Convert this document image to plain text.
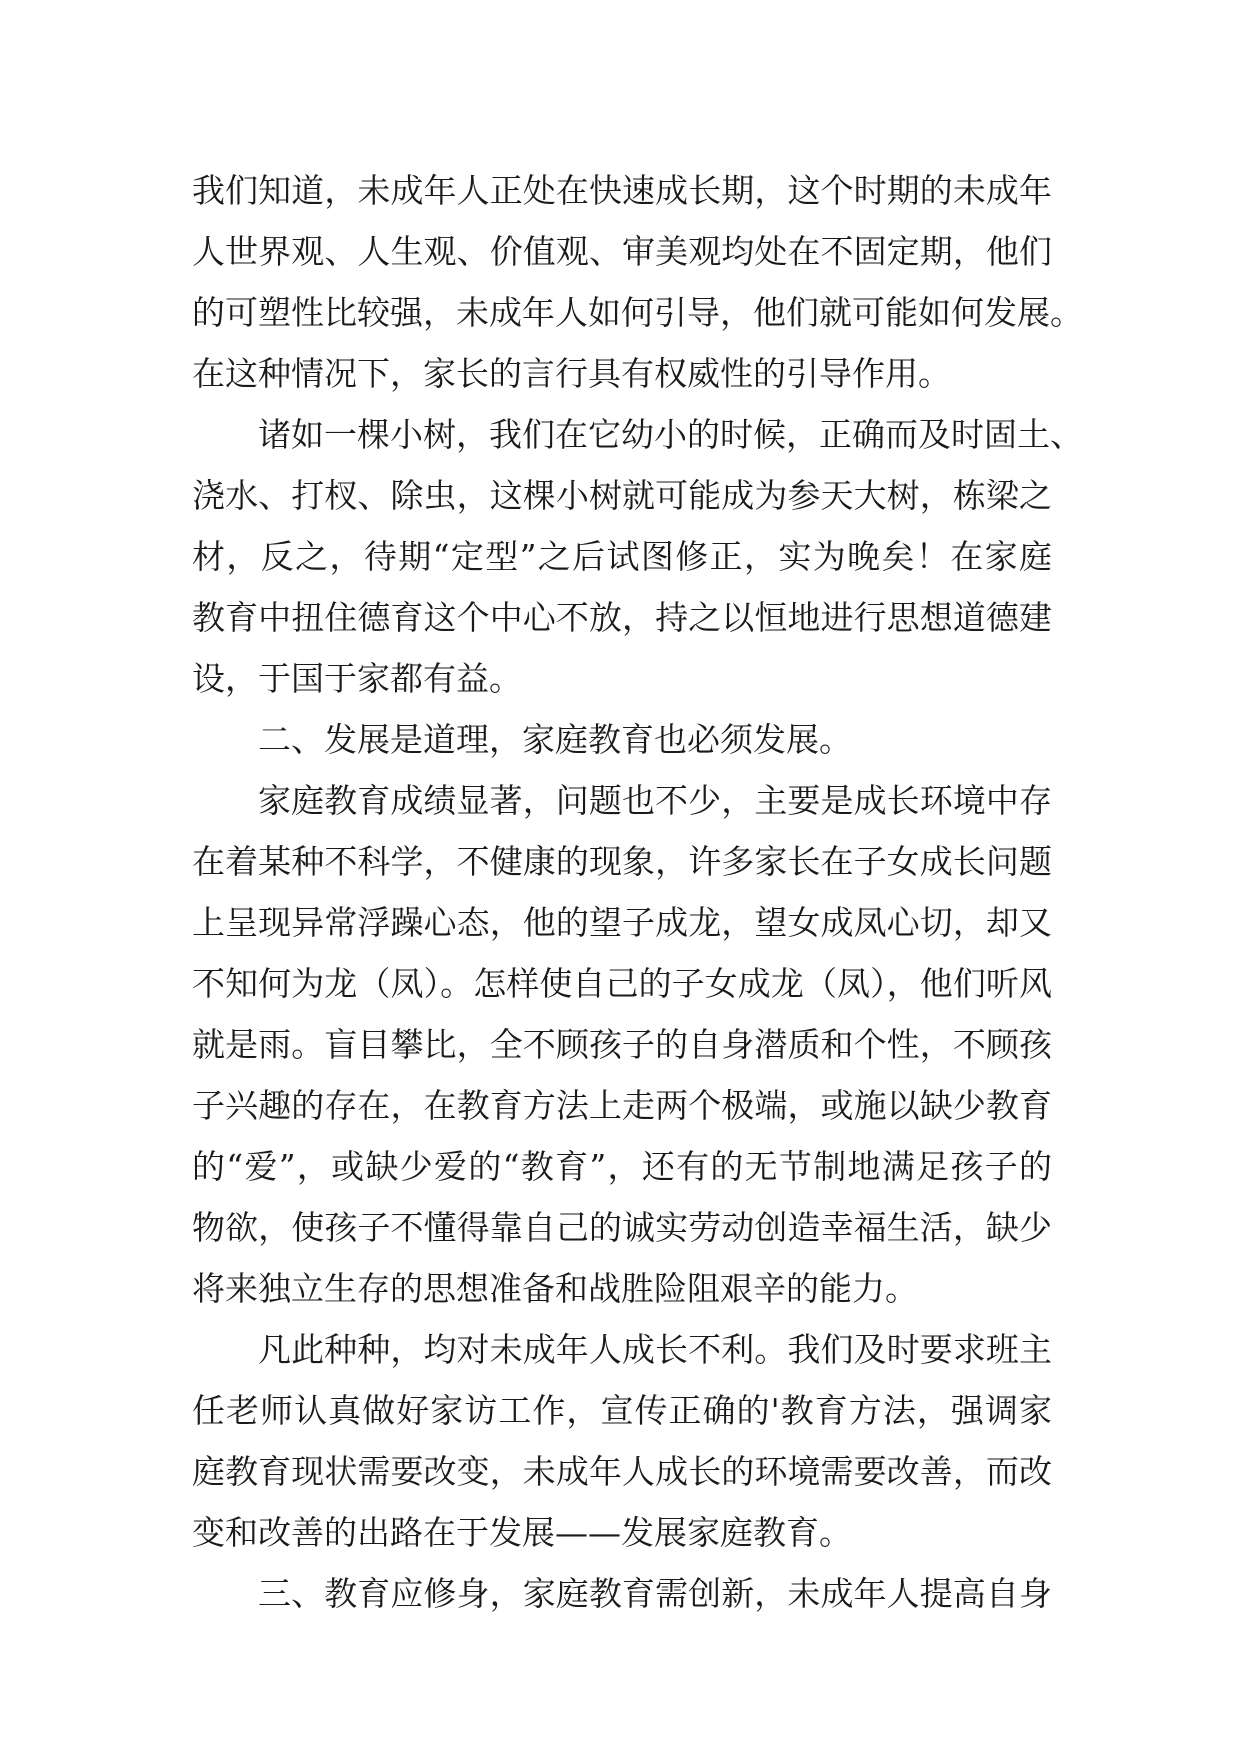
我们知道，未成年人正处在快速成长期，这个时期的未成年
人世界观、人生观、价值观、审美观均处在不固定期，他们
的可塑性比较强，未成年人如何引导，他们就可能如何发展。
在这种情况下，家长的言行具有权威性的引导作用。
诸如一棵小树，我们在它幼小的时候，正确而及时固土、
浇水、打杈、除虫，这棵小树就可能成为参天大树，栋梁之
材，反之，待期“定型”之后试图修正，实为晚矣！在家庭
教育中扭住德育这个中心不放，持之以恒地进行思想道德建
设，于国于家都有益。
二、发展是道理，家庭教育也必须发展。
家庭教育成绩显著，问题也不少，主要是成长环境中存
在着某种不科学，不健康的现象，许多家长在子女成长问题
上呈现异常浮躁心态，他的望子成龙，望女成凤心切，却又
不知何为龙（凤）。怎样使自己的子女成龙（凤），他们听风
就是雨。盲目攀比，全不顾孩子的自身潜质和个性，不顾孩
子兴趣的存在，在教育方法上走两个极端，或施以缺少教育
的“爱”，或缺少爱的“教育”，还有的无节制地满足孩子的
物欲，使孩子不懂得靠自己的诚实劳动创造幸福生活，缺少
将来独立生存的思想准备和战胜险阻艰辛的能力。
凡此种种，均对未成年人成长不利。我们及时要求班主
任老师认真做好家访工作，宣传正确的'教育方法，强调家
庭教育现状需要改变，未成年人成长的环境需要改善，而改
变和改善的出路在于发展——发展家庭教育。
三、教育应修身，家庭教育需创新，未成年人提高自身
